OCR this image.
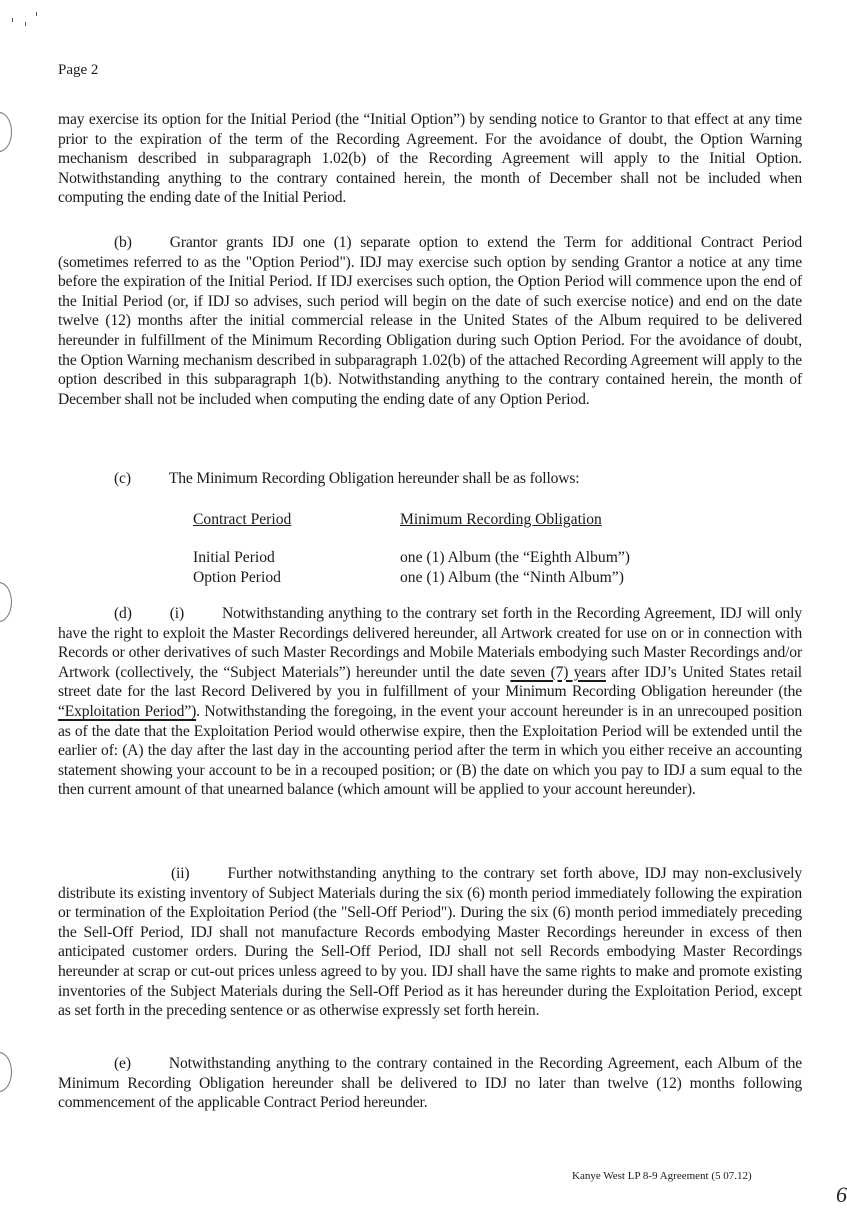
Page 2

may exercise its option for the Initial Period (the “Initial Option”) by sending notice to Grantor to that effect at any time prior to the expiration of the term of the Recording Agreement. For the avoidance of doubt, the Option Warning mechanism described in subparagraph 1.02(b) of the Recording Agreement will apply to the Initial Option. Notwithstanding anything to the contrary contained herein, the month of December shall not be included when computing the ending date of the Initial Period.

(b) Grantor grants IDJ one (1) separate option to extend the Term for additional Contract Period (sometimes referred to as the "Option Period"). IDJ may exercise such option by sending Grantor a notice at any time before the expiration of the Initial Period. If IDJ exercises such option, the Option Period will commence upon the end of the Initial Period (or, if IDJ so advises, such period will begin on the date of such exercise notice) and end on the date twelve (12) months after the initial commercial release in the United States of the Album required to be delivered hereunder in fulfillment of the Minimum Recording Obligation during such Option Period. For the avoidance of doubt, the Option Warning mechanism described in subparagraph 1.02(b) of the attached Recording Agreement will apply to the option described in this subparagraph 1(b). Notwithstanding anything to the contrary contained herein, the month of December shall not be included when computing the ending date of any Option Period.

(c) The Minimum Recording Obligation hereunder shall be as follows:

Contract Period	Minimum Recording Obligation
Initial Period	one (1) Album (the “Eighth Album”)
Option Period	one (1) Album (the “Ninth Album”)

(d) (i) Notwithstanding anything to the contrary set forth in the Recording Agreement, IDJ will only have the right to exploit the Master Recordings delivered hereunder, all Artwork created for use on or in connection with Records or other derivatives of such Master Recordings and Mobile Materials embodying such Master Recordings and/or Artwork (collectively, the “Subject Materials”) hereunder until the date seven (7) years after IDJ’s United States retail street date for the last Record Delivered by you in fulfillment of your Minimum Recording Obligation hereunder (the “Exploitation Period”). Notwithstanding the foregoing, in the event your account hereunder is in an unrecouped position as of the date that the Exploitation Period would otherwise expire, then the Exploitation Period will be extended until the earlier of: (A) the day after the last day in the accounting period after the term in which you either receive an accounting statement showing your account to be in a recouped position; or (B) the date on which you pay to IDJ a sum equal to the then current amount of that unearned balance (which amount will be applied to your account hereunder).

(ii) Further notwithstanding anything to the contrary set forth above, IDJ may non-exclusively distribute its existing inventory of Subject Materials during the six (6) month period immediately following the expiration or termination of the Exploitation Period (the "Sell-Off Period"). During the six (6) month period immediately preceding the Sell-Off Period, IDJ shall not manufacture Records embodying Master Recordings hereunder in excess of then anticipated customer orders. During the Sell-Off Period, IDJ shall not sell Records embodying Master Recordings hereunder at scrap or cut-out prices unless agreed to by you. IDJ shall have the same rights to make and promote existing inventories of the Subject Materials during the Sell-Off Period as it has hereunder during the Exploitation Period, except as set forth in the preceding sentence or as otherwise expressly set forth herein.

(e) Notwithstanding anything to the contrary contained in the Recording Agreement, each Album of the Minimum Recording Obligation hereunder shall be delivered to IDJ no later than twelve (12) months following commencement of the applicable Contract Period hereunder.

Kanye West LP 8-9 Agreement (5 07.12)
6
